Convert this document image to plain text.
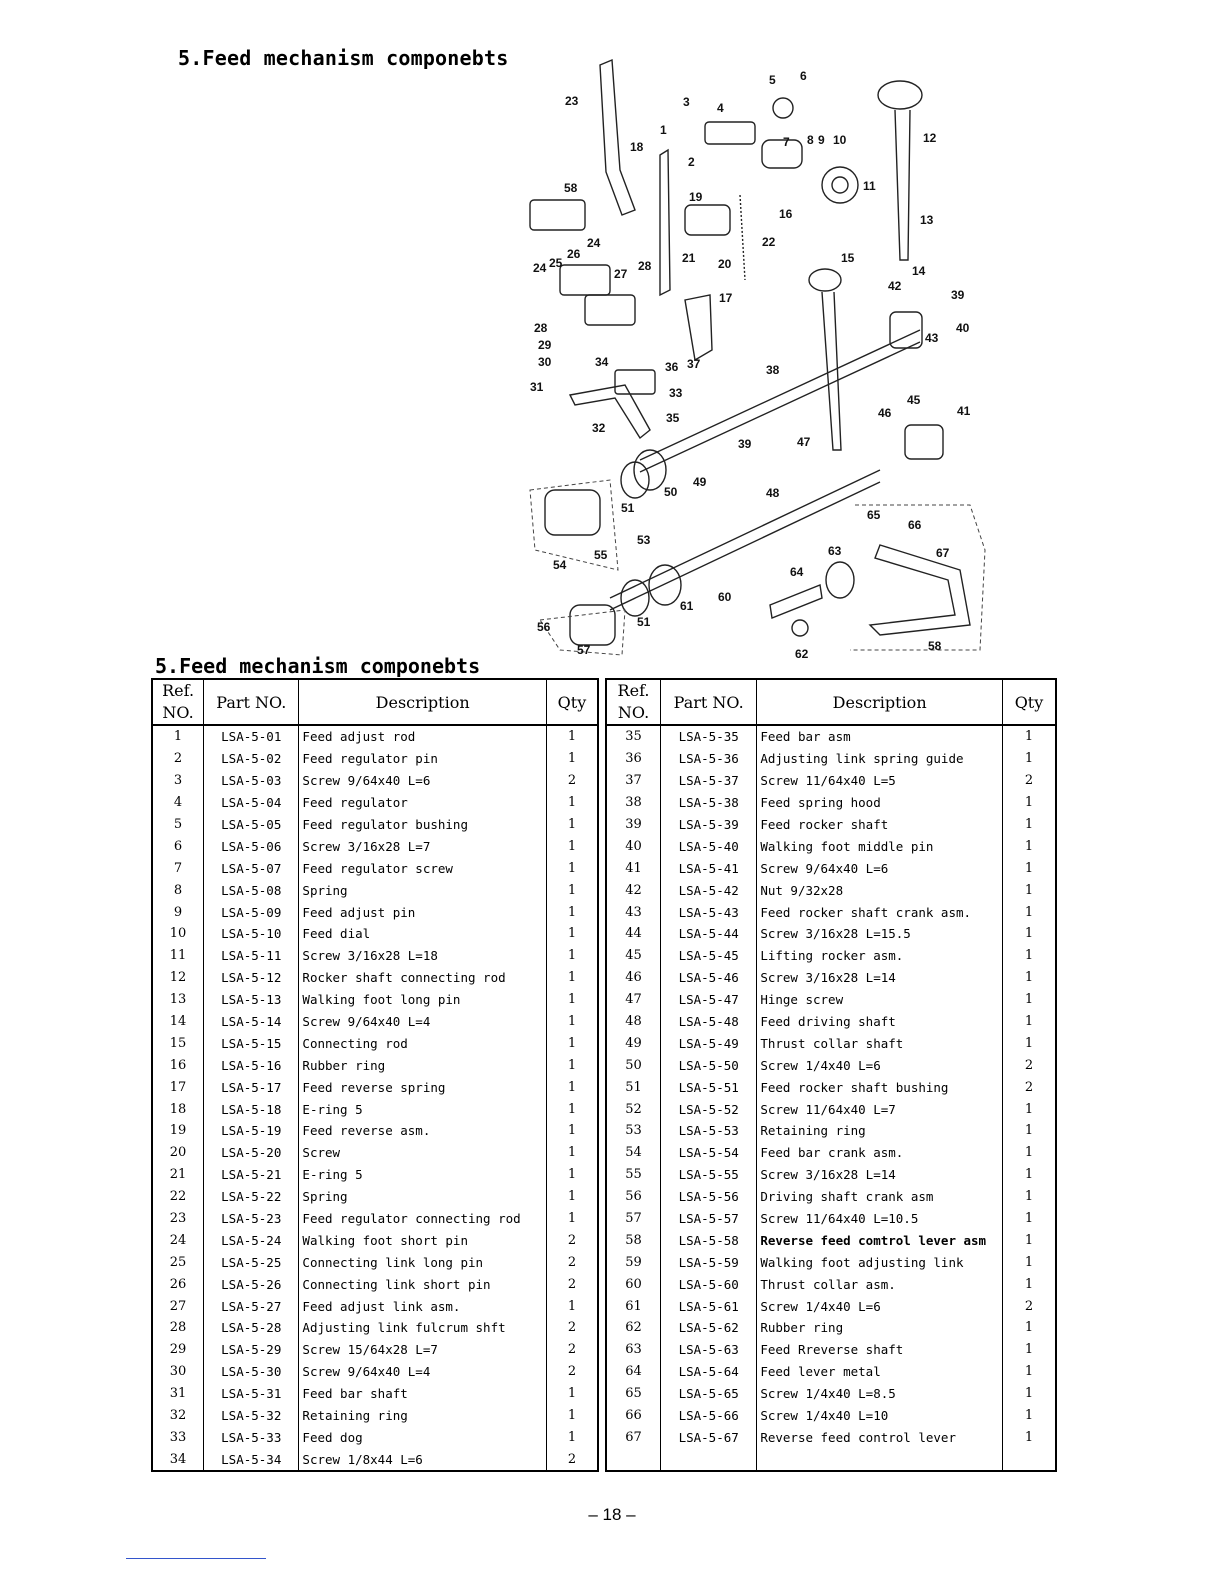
5.Feed mechanism componebts
5 6
3 4
23
1
18
2
7 8 9 10	12
11
13
58
19
16
22
24
26
25
24	27
28
21 20	15
14
42
39
17
28
29
30	34	36 37
40
43
38
31	33	45
41
46
35
32
39	47
49
50	48
51	65
66
53
63	67
55
54	64
60
61
51
56
57	58
62
5.Feed mechanism componebts
Ref.
NO.	Part NO.	Description	Qty
1	LSA-5-01	Feed adjust rod	1
2	LSA-5-02	Feed regulator pin	1
3	LSA-5-03	Screw 9/64x40 L=6	2
4	LSA-5-04	Feed regulator	1
5	LSA-5-05	Feed regulator bushing	1
6	LSA-5-06	Screw 3/16x28 L=7	1
7	LSA-5-07	Feed regulator screw	1
8	LSA-5-08	Spring	1
9	LSA-5-09	Feed adjust pin	1
10	LSA-5-10	Feed dial	1
11	LSA-5-11	Screw 3/16x28 L=18	1
12	LSA-5-12	Rocker shaft connecting rod	1
13	LSA-5-13	Walking foot long pin	1
14	LSA-5-14	Screw 9/64x40 L=4	1
15	LSA-5-15	Connecting rod	1
16	LSA-5-16	Rubber ring	1
17	LSA-5-17	Feed reverse spring	1
18	LSA-5-18	E-ring 5	1
19	LSA-5-19	Feed reverse asm.	1
20	LSA-5-20	Screw	1
21	LSA-5-21	E-ring 5	1
22	LSA-5-22	Spring	1
23	LSA-5-23	Feed regulator connecting rod	1
24	LSA-5-24	Walking foot short pin	2
25	LSA-5-25	Connecting link long pin	2
26	LSA-5-26	Connecting link short pin	2
27	LSA-5-27	Feed adjust link asm.	1
28	LSA-5-28	Adjusting link fulcrum shft	2
29	LSA-5-29	Screw 15/64x28 L=7	2
30	LSA-5-30	Screw 9/64x40 L=4	2
31	LSA-5-31	Feed bar shaft	1
32	LSA-5-32	Retaining ring	1
33	LSA-5-33	Feed dog	1
34	LSA-5-34	Screw 1/8x44 L=6	2
Ref.
NO.	Part NO.	Description	Qty
35	LSA-5-35	Feed bar asm	1
36	LSA-5-36	Adjusting link spring guide	1
37	LSA-5-37	Screw 11/64x40 L=5	2
38	LSA-5-38	Feed spring hood	1
39	LSA-5-39	Feed rocker shaft	1
40	LSA-5-40	Walking foot middle pin	1
41	LSA-5-41	Screw 9/64x40 L=6	1
42	LSA-5-42	Nut 9/32x28	1
43	LSA-5-43	Feed rocker shaft crank asm.	1
44	LSA-5-44	Screw 3/16x28 L=15.5	1
45	LSA-5-45	Lifting rocker asm.	1
46	LSA-5-46	Screw 3/16x28 L=14	1
47	LSA-5-47	Hinge screw	1
48	LSA-5-48	Feed driving shaft	1
49	LSA-5-49	Thrust collar shaft	1
50	LSA-5-50	Screw 1/4x40 L=6	2
51	LSA-5-51	Feed rocker shaft bushing	2
52	LSA-5-52	Screw 11/64x40 L=7	1
53	LSA-5-53	Retaining ring	1
54	LSA-5-54	Feed bar crank asm.	1
55	LSA-5-55	Screw 3/16x28 L=14	1
56	LSA-5-56	Driving shaft crank asm	1
57	LSA-5-57	Screw 11/64x40 L=10.5	1
58	LSA-5-58	Reverse feed comtrol lever asm	1
59	LSA-5-59	Walking foot adjusting link	1
60	LSA-5-60	Thrust collar asm.	1
61	LSA-5-61	Screw 1/4x40 L=6	2
62	LSA-5-62	Rubber ring	1
63	LSA-5-63	Feed Rreverse shaft	1
64	LSA-5-64	Feed lever metal	1
65	LSA-5-65	Screw 1/4x40 L=8.5	1
66	LSA-5-66	Screw 1/4x40 L=10	1
67	LSA-5-67	Reverse feed control lever	1

– 18 –
